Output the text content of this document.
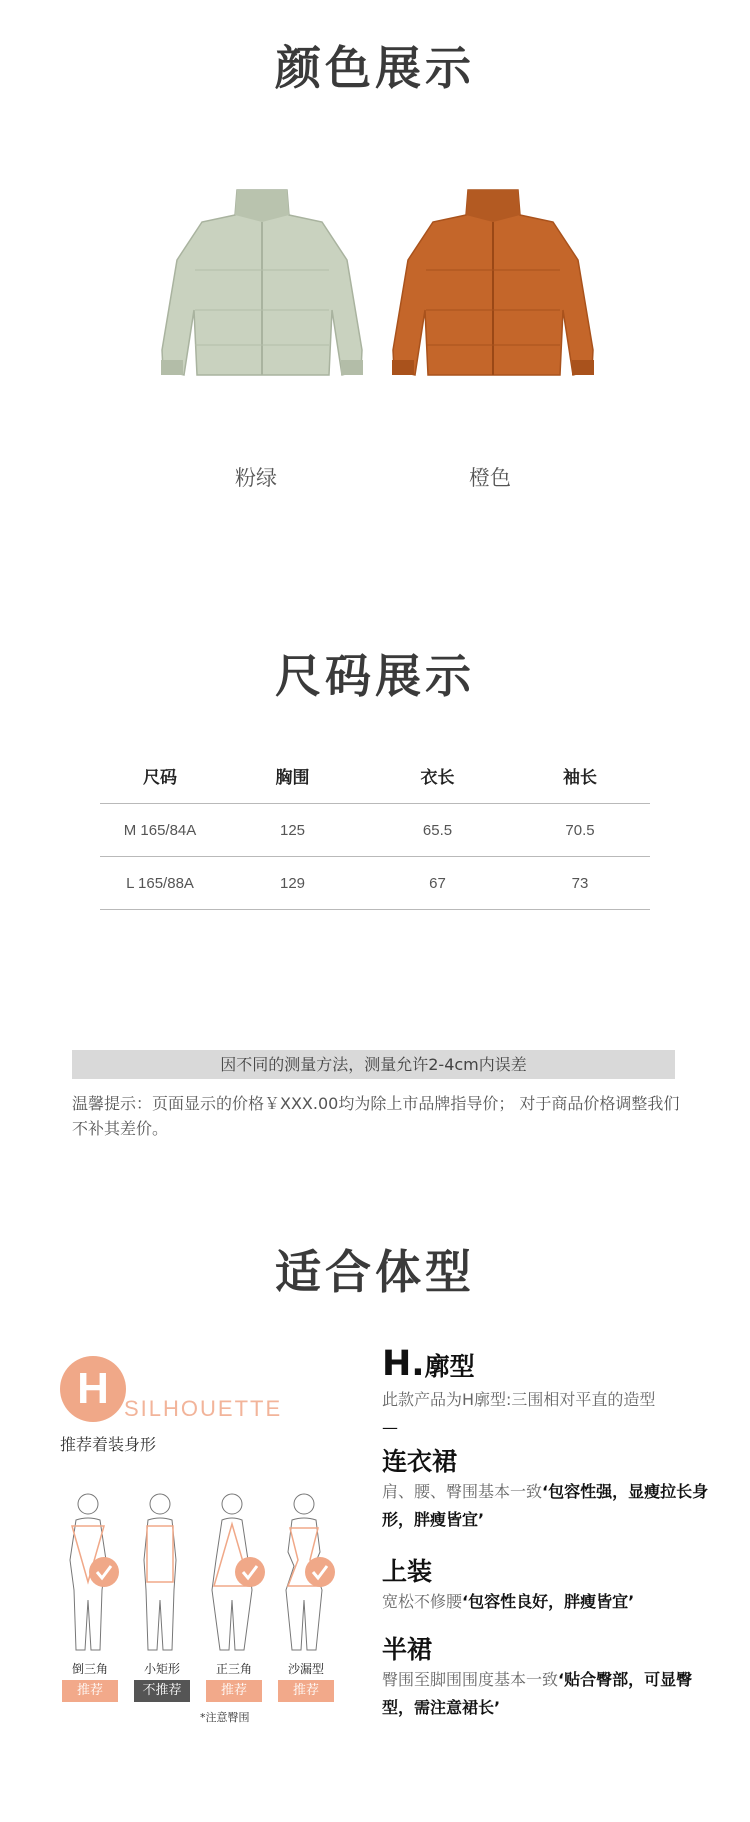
颜色展示
粉绿	橙色
尺码展示
尺码	胸围	衣长	袖长
M 165/84A	125	65.5	70.5
L 165/88A	129	67	73
因不同的测量方法，测量允许2-4cm内误差
温馨提示：页面显示的价格￥XXX.00均为除上市品牌指导价； 对于商品价格调整我们不补其差价。
适合体型
H SILHOUETTE
推荐着装身形
倒三角	小矩形	正三角	沙漏型
推荐	不推荐	推荐	推荐
*注意臀围
H.廓型
此款产品为H廓型:三围相对平直的造型
—
连衣裙
肩、腰、臀围基本一致‘包容性强，显瘦拉长身形，胖瘦皆宜’
上装
宽松不修腰‘包容性良好，胖瘦皆宜’
半裙
臀围至脚围围度基本一致‘贴合臀部，可显臀型，需注意裙长’
